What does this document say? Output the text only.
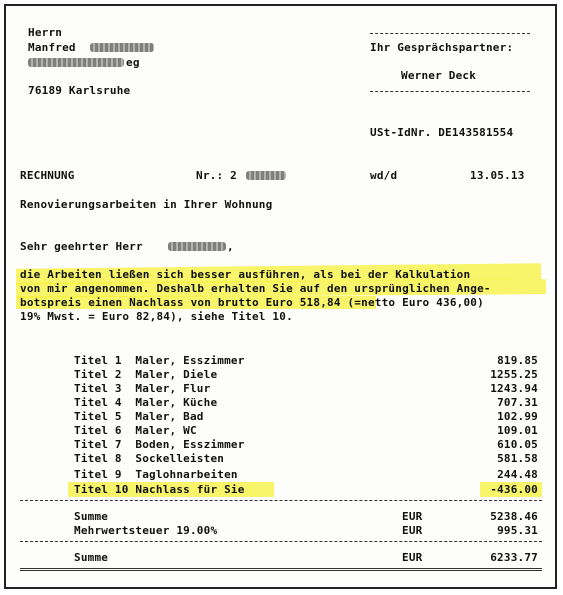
Herrn
Manfred
eg
76189 Karlsruhe
Ihr Gesprächspartner:
Werner Deck
USt-IdNr. DE143581554
RECHNUNG	Nr.: 2	wd/d	13.05.13
Renovierungsarbeiten in Ihrer Wohnung
Sehr geehrter Herr	,
die Arbeiten ließen sich besser ausführen, als bei der Kalkulation
von mir angenommen. Deshalb erhalten Sie auf den ursprünglichen Ange-
botspreis einen Nachlass von brutto Euro 518,84 (=netto Euro 436,00)
19% Mwst. = Euro 82,84), siehe Titel 10.
Titel 1  Maler, Esszimmer	819.85
Titel 2  Maler, Diele	1255.25
Titel 3  Maler, Flur	1243.94
Titel 4  Maler, Küche	707.31
Titel 5  Maler, Bad	102.99
Titel 6  Maler, WC	109.01
Titel 7  Boden, Esszimmer	610.05
Titel 8  Sockelleisten	581.58
Titel 9  Taglohnarbeiten	244.48
Titel 10 Nachlass für Sie	-436.00
Summe	EUR	5238.46
Mehrwertsteuer 19.00%	EUR	995.31
Summe	EUR	6233.77
